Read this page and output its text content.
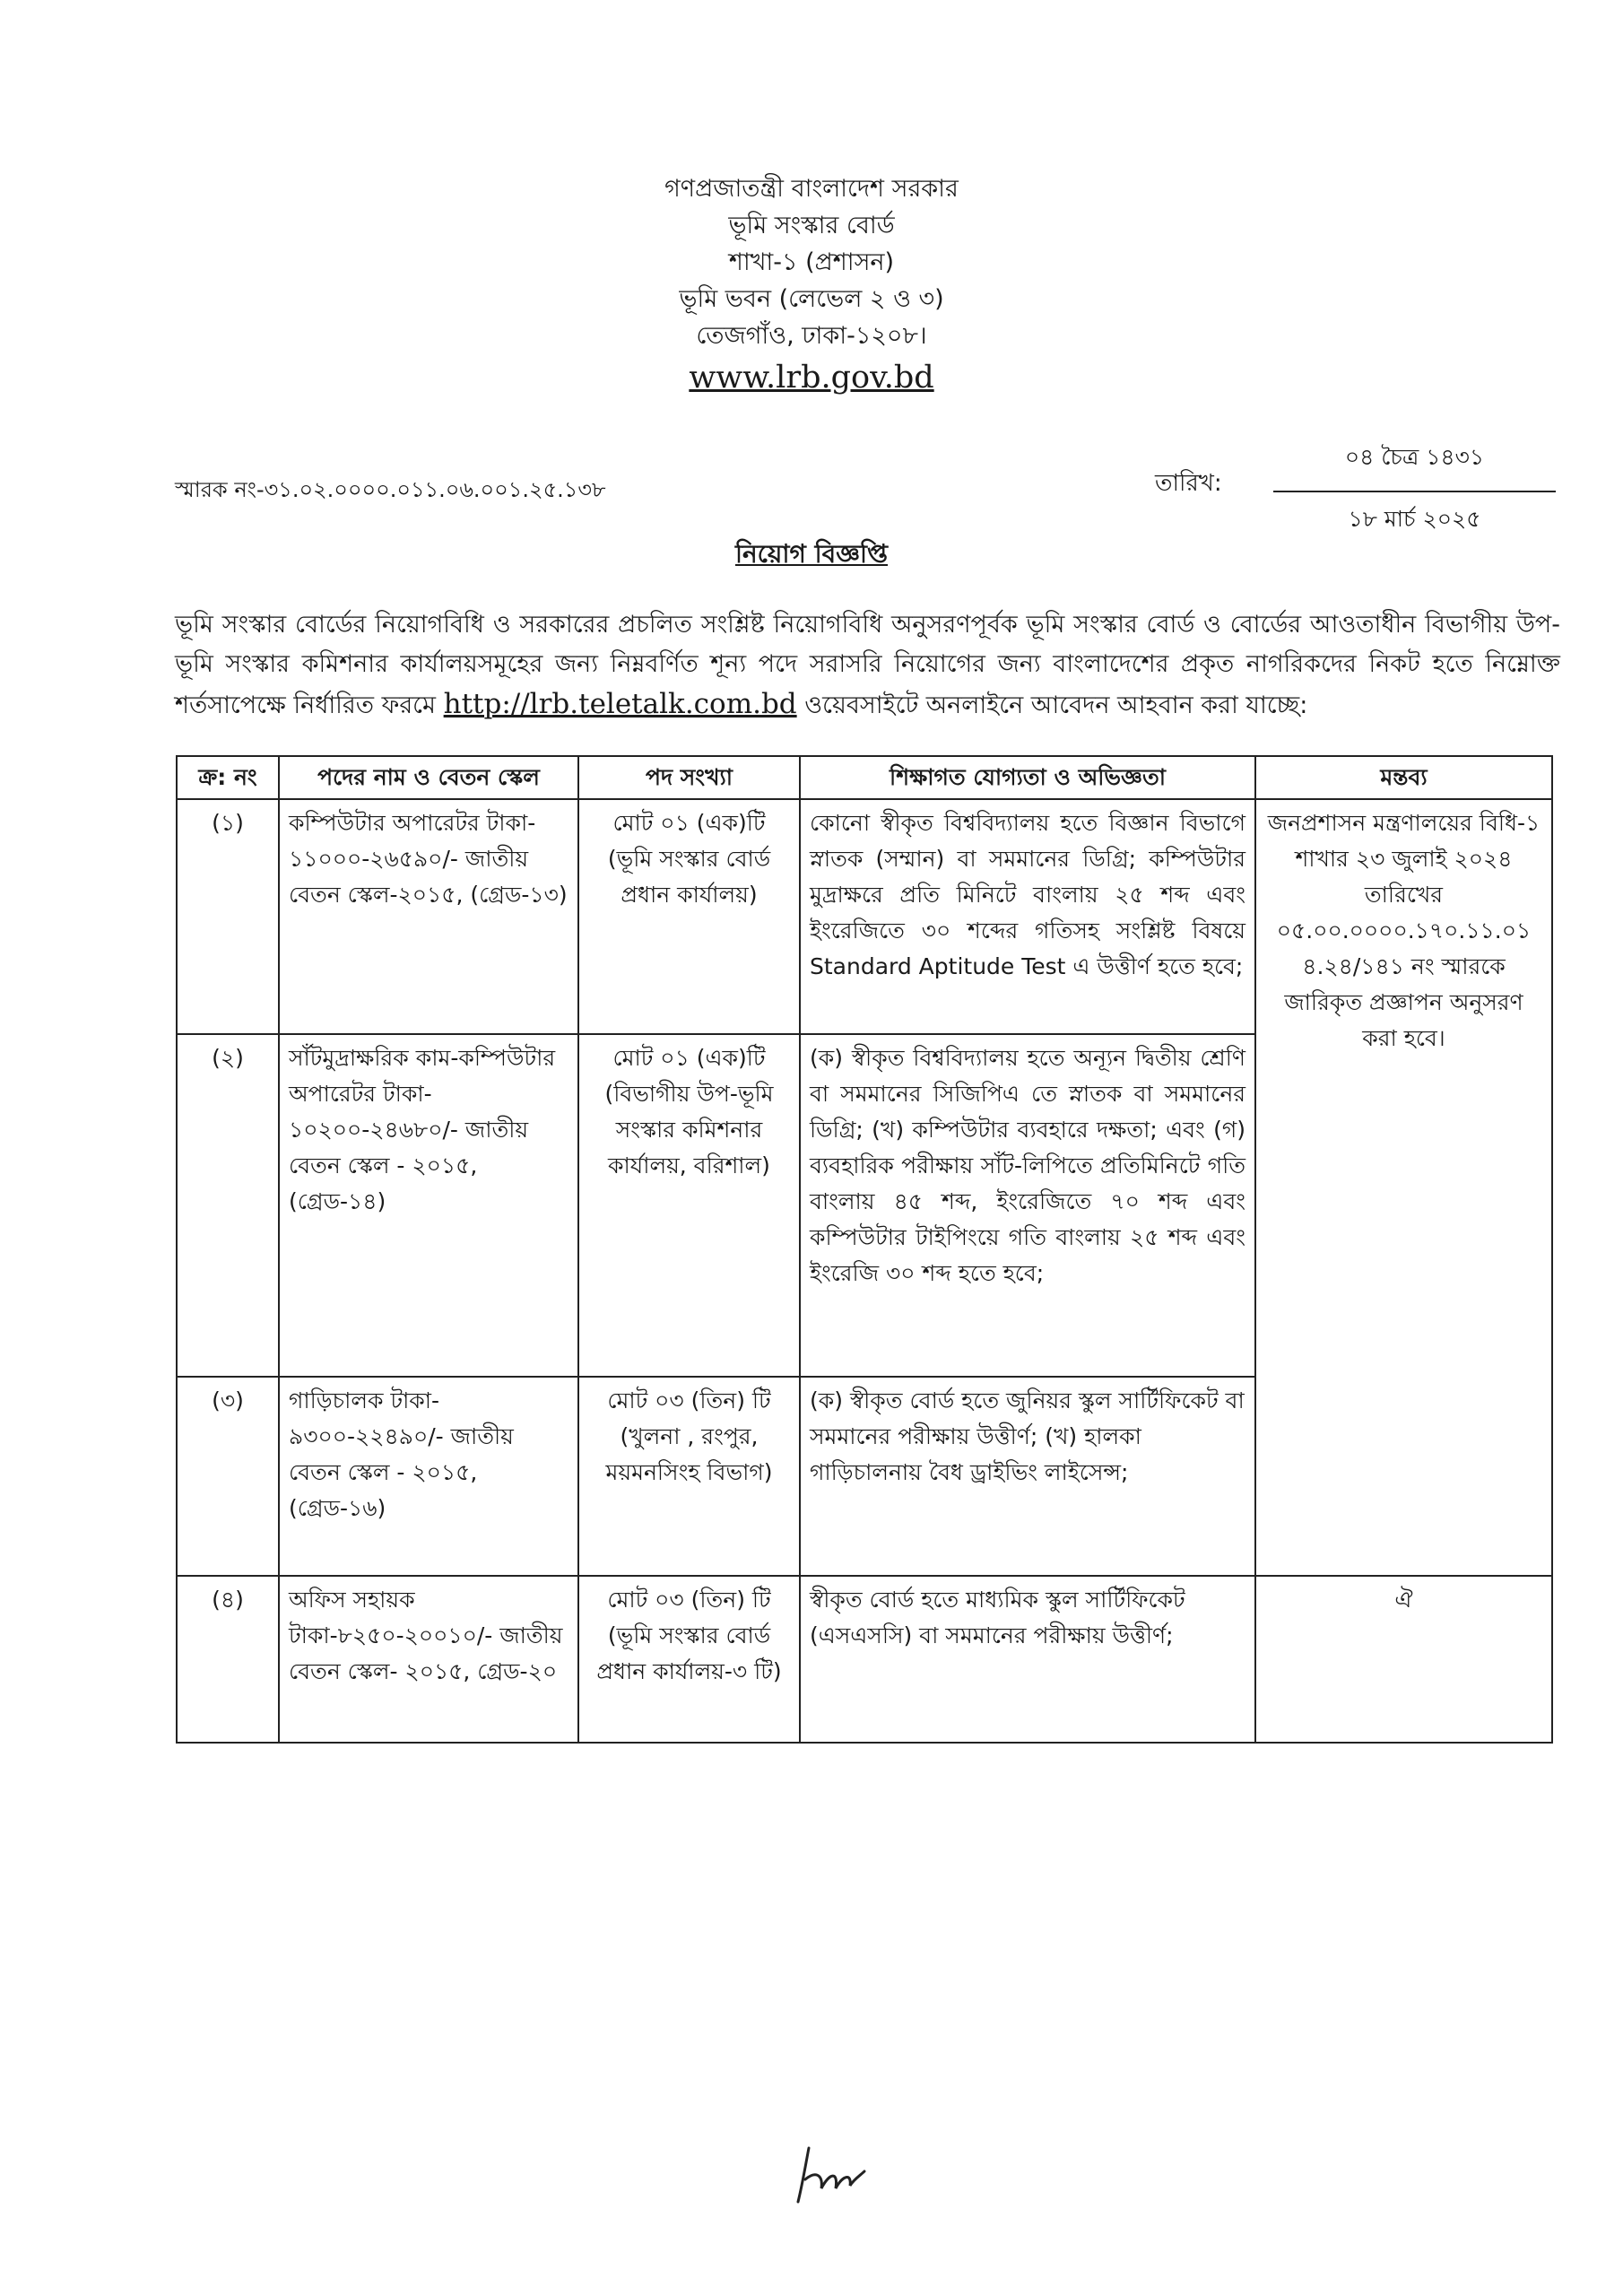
গণপ্রজাতন্ত্রী বাংলাদেশ সরকার
ভূমি সংস্কার বোর্ড
শাখা-১ (প্রশাসন)
ভূমি ভবন (লেভেল ২ ও ৩)
তেজগাঁও, ঢাকা-১২০৮।
www.lrb.gov.bd
স্মারক নং-৩১.০২.০০০০.০১১.০৬.০০১.২৫.১৩৮	তারিখ:
০৪ চৈত্র ১৪৩১
১৮ মার্চ ২০২৫
নিয়োগ বিজ্ঞপ্তি
ভূমি সংস্কার বোর্ডের নিয়োগবিধি ও সরকারের প্রচলিত সংশ্লিষ্ট নিয়োগবিধি অনুসরণপূর্বক ভূমি সংস্কার বোর্ড ও বোর্ডের আওতাধীন বিভাগীয় উপ-ভূমি সংস্কার কমিশনার কার্যালয়সমূহের জন্য নিম্নবর্ণিত শূন্য পদে সরাসরি নিয়োগের জন্য বাংলাদেশের প্রকৃত নাগরিকদের নিকট হতে নিম্নোক্ত শর্তসাপেক্ষে নির্ধারিত ফরমে http://lrb.teletalk.com.bd ওয়েবসাইটে অনলাইনে আবেদন আহবান করা যাচ্ছে:
ক্র: নং	পদের নাম ও বেতন স্কেল	পদ সংখ্যা	শিক্ষাগত যোগ্যতা ও অভিজ্ঞতা	মন্তব্য
(১)	কম্পিউটার অপারেটর টাকা- ১১০০০-২৬৫৯০/- জাতীয় বেতন স্কেল-২০১৫, (গ্রেড-১৩)	মোট ০১ (এক)টি (ভূমি সংস্কার বোর্ড প্রধান কার্যালয়)	কোনো স্বীকৃত বিশ্ববিদ্যালয় হতে বিজ্ঞান বিভাগে স্নাতক (সম্মান) বা সমমানের ডিগ্রি; কম্পিউটার মুদ্রাক্ষরে প্রতি মিনিটে বাংলায় ২৫ শব্দ এবং ইংরেজিতে ৩০ শব্দের গতিসহ সংশ্লিষ্ট বিষয়ে Standard Aptitude Test এ উত্তীর্ণ হতে হবে;	জনপ্রশাসন মন্ত্রণালয়ের বিধি-১ শাখার ২৩ জুলাই ২০২৪ তারিখের ০৫.০০.০০০০.১৭০.১১.০১ ৪.২৪/১৪১ নং স্মারকে জারিকৃত প্রজ্ঞাপন অনুসরণ করা হবে।
(২)	সাঁটমুদ্রাক্ষরিক কাম-কম্পিউটার অপারেটর টাকা- ১০২০০-২৪৬৮০/- জাতীয় বেতন স্কেল - ২০১৫, (গ্রেড-১৪)	মোট ০১ (এক)টি (বিভাগীয় উপ-ভূমি সংস্কার কমিশনার কার্যালয়, বরিশাল)	(ক) স্বীকৃত বিশ্ববিদ্যালয় হতে অন্যূন দ্বিতীয় শ্রেণি বা সমমানের সিজিপিএ তে স্নাতক বা সমমানের ডিগ্রি; (খ) কম্পিউটার ব্যবহারে দক্ষতা; এবং (গ) ব্যবহারিক পরীক্ষায় সাঁট-লিপিতে প্রতিমিনিটে গতি বাংলায় ৪৫ শব্দ, ইংরেজিতে ৭০ শব্দ এবং কম্পিউটার টাইপিংয়ে গতি বাংলায় ২৫ শব্দ এবং ইংরেজি ৩০ শব্দ হতে হবে;	
(৩)	গাড়িচালক টাকা- ৯৩০০-২২৪৯০/- জাতীয় বেতন স্কেল - ২০১৫, (গ্রেড-১৬)	মোট ০৩ (তিন) টি (খুলনা , রংপুর, ময়মনসিংহ বিভাগ)	(ক) স্বীকৃত বোর্ড হতে জুনিয়র স্কুল সার্টিফিকেট বা সমমানের পরীক্ষায় উত্তীর্ণ; (খ) হালকা গাড়িচালনায় বৈধ ড্রাইভিং লাইসেন্স;	
(৪)	অফিস সহায়ক টাকা-৮২৫০-২০০১০/- জাতীয় বেতন স্কেল- ২০১৫, গ্রেড-২০	মোট ০৩ (তিন) টি (ভূমি সংস্কার বোর্ড প্রধান কার্যালয়-৩ টি)	স্বীকৃত বোর্ড হতে মাধ্যমিক স্কুল সার্টিফিকেট (এসএসসি) বা সমমানের পরীক্ষায় উত্তীর্ণ;	ঐ
